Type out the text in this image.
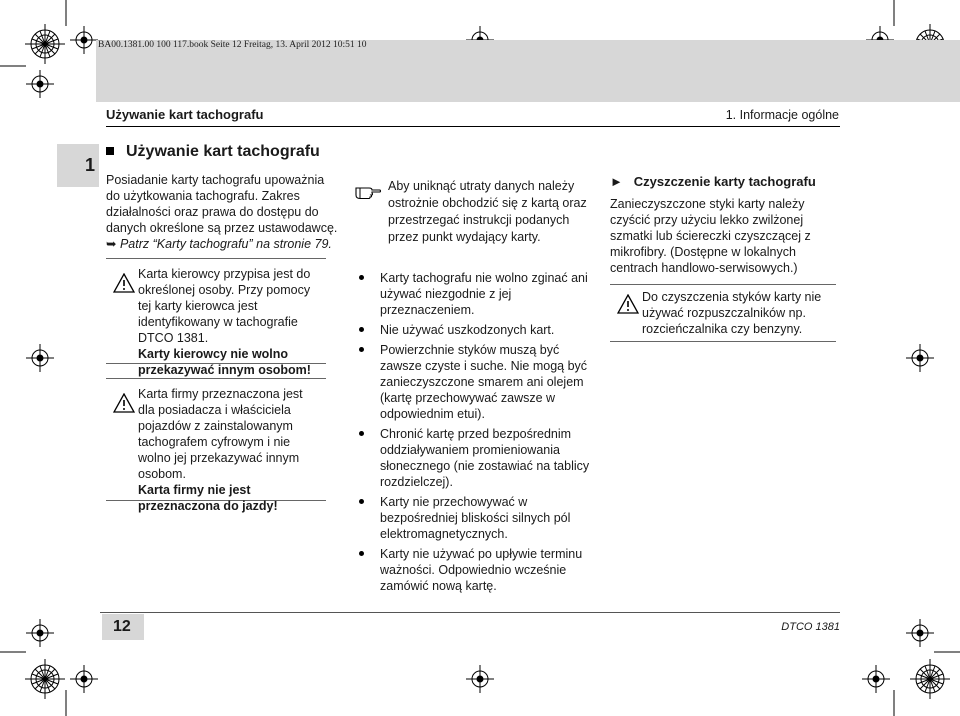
BA00.1381.00 100 117.book Seite 12 Freitag, 13. April 2012 10:51 10
Używanie kart tachografu	1. Informacje ogólne
1
Używanie kart tachografu

Posiadanie karty tachografu upoważnia do użytkowania tachografu. Zakres działalności oraz prawa do dostępu do danych określone są przez ustawodawcę.

➥ Patrz “Karty tachografu” na stronie 79.

Karta kierowcy przypisa jest do określonej osoby. Przy pomocy tej karty kierowca jest identyfikowany w tachografie DTCO 1381.

Karty kierowcy nie wolno przekazywać innym osobom!

Karta firmy przeznaczona jest dla posiadacza i właściciela pojazdów z zainstalowanym tachografem cyfrowym i nie wolno jej przekazywać innym osobom.

Karta firmy nie jest przeznaczona do jazdy!

Aby uniknąć utraty danych należy ostrożnie obchodzić się z kartą oraz przestrzegać instrukcji podanych przez punkt wydający karty.

Karty tachografu nie wolno zginać ani używać niezgodnie z jej przeznaczeniem.
Nie używać uszkodzonych kart.
Powierzchnie styków muszą być zawsze czyste i suche. Nie mogą być zanieczyszczone smarem ani olejem (kartę przechowywać zawsze w odpowiednim etui).
Chronić kartę przed bezpośrednim oddziaływaniem promieniowania słonecznego (nie zostawiać na tablicy rozdzielczej).
Karty nie przechowywać w bezpośredniej bliskości silnych pól elektromagnetycznych.
Karty nie używać po upływie terminu ważności. Odpowiednio wcześnie zamówić nową kartę.
► Czyszczenie karty tachografu

Zanieczyszczone styki karty należy czyścić przy użyciu lekko zwilżonej szmatki lub ściereczki czyszczącej z mikrofibry. (Dostępne w lokalnych centrach handlowo-serwisowych.)

Do czyszczenia styków karty nie używać rozpuszczalników np. rozcieńczalnika czy benzyny.

12	DTCO 1381
